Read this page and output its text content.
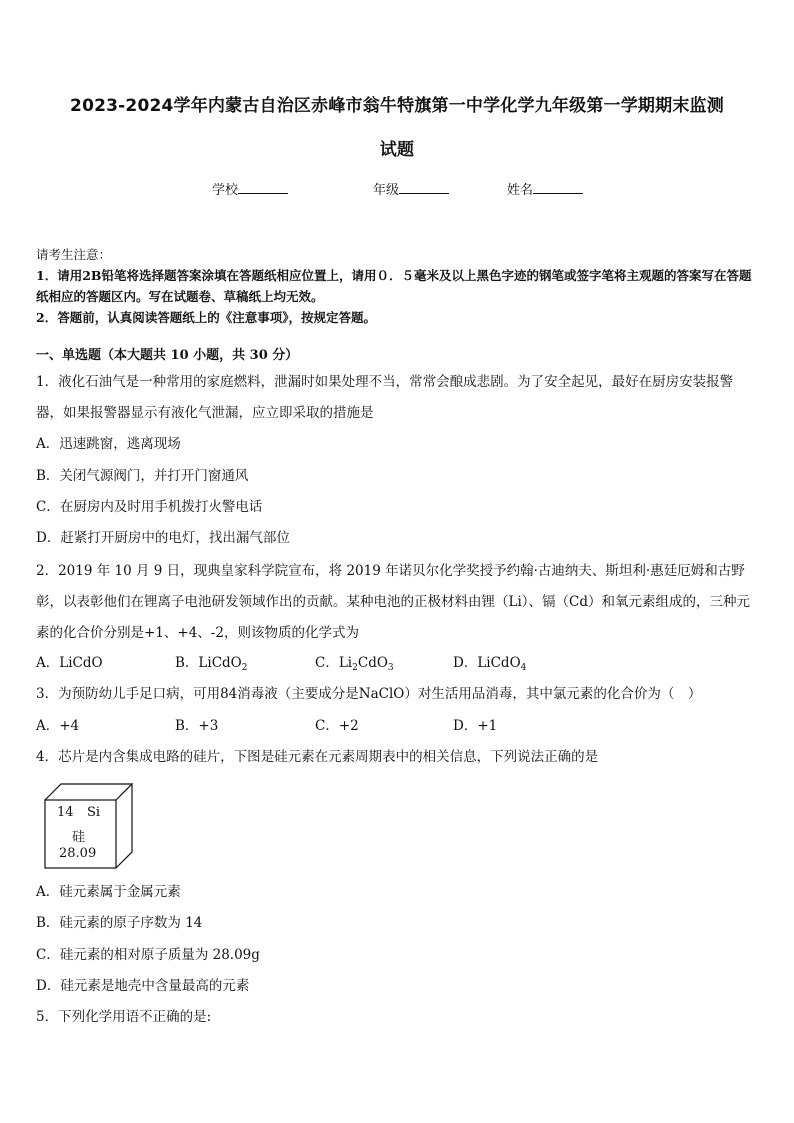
2023-2024学年内蒙古自治区赤峰市翁牛特旗第一中学化学九年级第一学期期末监测
试题
学校	年级	姓名
请考生注意：
1．请用2B铅笔将选择题答案涂填在答题纸相应位置上，请用０．５毫米及以上黑色字迹的钢笔或签字笔将主观题的答案写在答题纸相应的答题区内。写在试题卷、草稿纸上均无效。
2．答题前，认真阅读答题纸上的《注意事项》，按规定答题。
一、单选题（本大题共 10 小题，共 30 分）
1．液化石油气是一种常用的家庭燃料，泄漏时如果处理不当，常常会酿成悲剧。为了安全起见，最好在厨房安装报警器，如果报警器显示有液化气泄漏，应立即采取的措施是
A．迅速跳窗，逃离现场
B．关闭气源阀门，并打开门窗通风
C．在厨房内及时用手机拨打火警电话
D．赶紧打开厨房中的电灯，找出漏气部位
2．2019 年 10 月 9 日，现典皇家科学院宣布，将 2019 年诺贝尔化学奖授予约翰·古迪纳夫、斯坦利·惠廷厄姆和古野彰，以表彰他们在锂离子电池研发领域作出的贡献。某种电池的正极材料由锂（Li）、镉（Cd）和氧元素组成的，三种元素的化合价分别是+1、+4、-2，则该物质的化学式为
A．LiCdO	B．LiCdO$_2$	C．$Li_2CdO_3$	D．LiCdO$_4$
3．为预防幼儿手足口病，可用84消毒液（主要成分是NaClO）对生活用品消毒，其中氯元素的化合价为（　）
A．+4	B．+3	C．+2	D．+1
4．芯片是内含集成电路的硅片，下图是硅元素在元素周期表中的相关信息，下列说法正确的是
14 Si
硅
28.09
A．硅元素属于金属元素
B．硅元素的原子序数为 14
C．硅元素的相对原子质量为 28.09g
D．硅元素是地壳中含量最高的元素
5．下列化学用语不正确的是:
